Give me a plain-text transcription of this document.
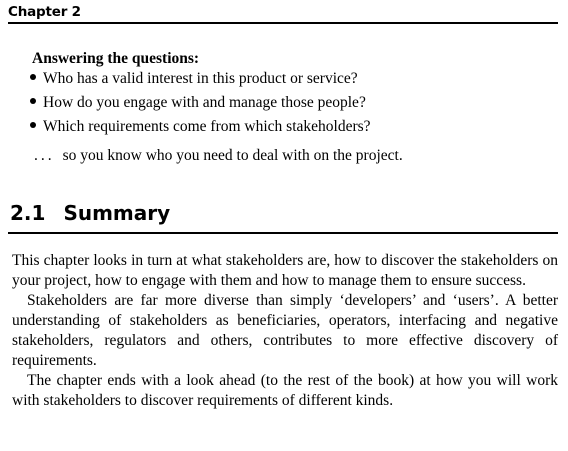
Chapter 2
Answering the questions:
Who has a valid interest in this product or service?
How do you engage with and manage those people?
Which requirements come from which stakeholders?
... so you know who you need to deal with on the project.
2.1 Summary

This chapter looks in turn at what stakeholders are, how to discover the stakeholders on your project, how to engage with them and how to manage them to ensure success.

Stakeholders are far more diverse than simply ‘developers’ and ‘users’. A better understanding of stakeholders as beneficiaries, operators, interfacing and negative stakeholders, regulators and others, contributes to more effective discovery of requirements.

The chapter ends with a look ahead (to the rest of the book) at how you will work with stakeholders to discover requirements of different kinds.
